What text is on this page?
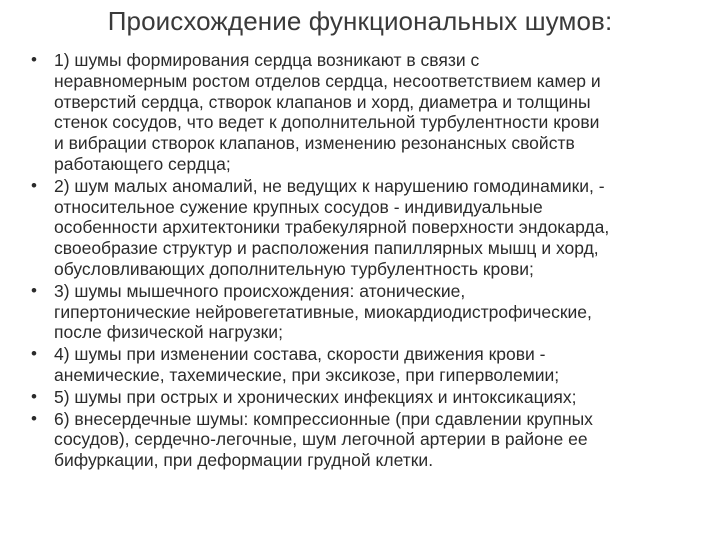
Происхождение функциональных шумов:
• 1) шумы формирования сердца возникают в связи с
неравномерным ростом отделов сердца, несоответствием камер и
отверстий сердца, створок клапанов и хорд, диаметра и толщины
стенок сосудов, что ведет к дополнительной турбулентности крови
и вибрации створок клапанов, изменению резонансных свойств
работающего сердца;
• 2) шум малых аномалий, не ведущих к нарушению гомодинамики, -
относительное сужение крупных сосудов - индивидуальные
особенности архитектоники трабекулярной поверхности эндокарда,
своеобразие структур и расположения папиллярных мышц и хорд,
обусловливающих дополнительную турбулентность крови;
• 3) шумы мышечного происхождения: атонические,
гипертонические нейровегетативные, миокардиодистрофические,
после физической нагрузки;
• 4) шумы при изменении состава, скорости движения крови -
анемические, тахемические, при эксикозе, при гиперволемии;
• 5) шумы при острых и хронических инфекциях и интоксикациях;
• 6) внесердечные шумы: компрессионные (при сдавлении крупных
сосудов), сердечно-легочные, шум легочной артерии в районе ее
бифуркации, при деформации грудной клетки.
